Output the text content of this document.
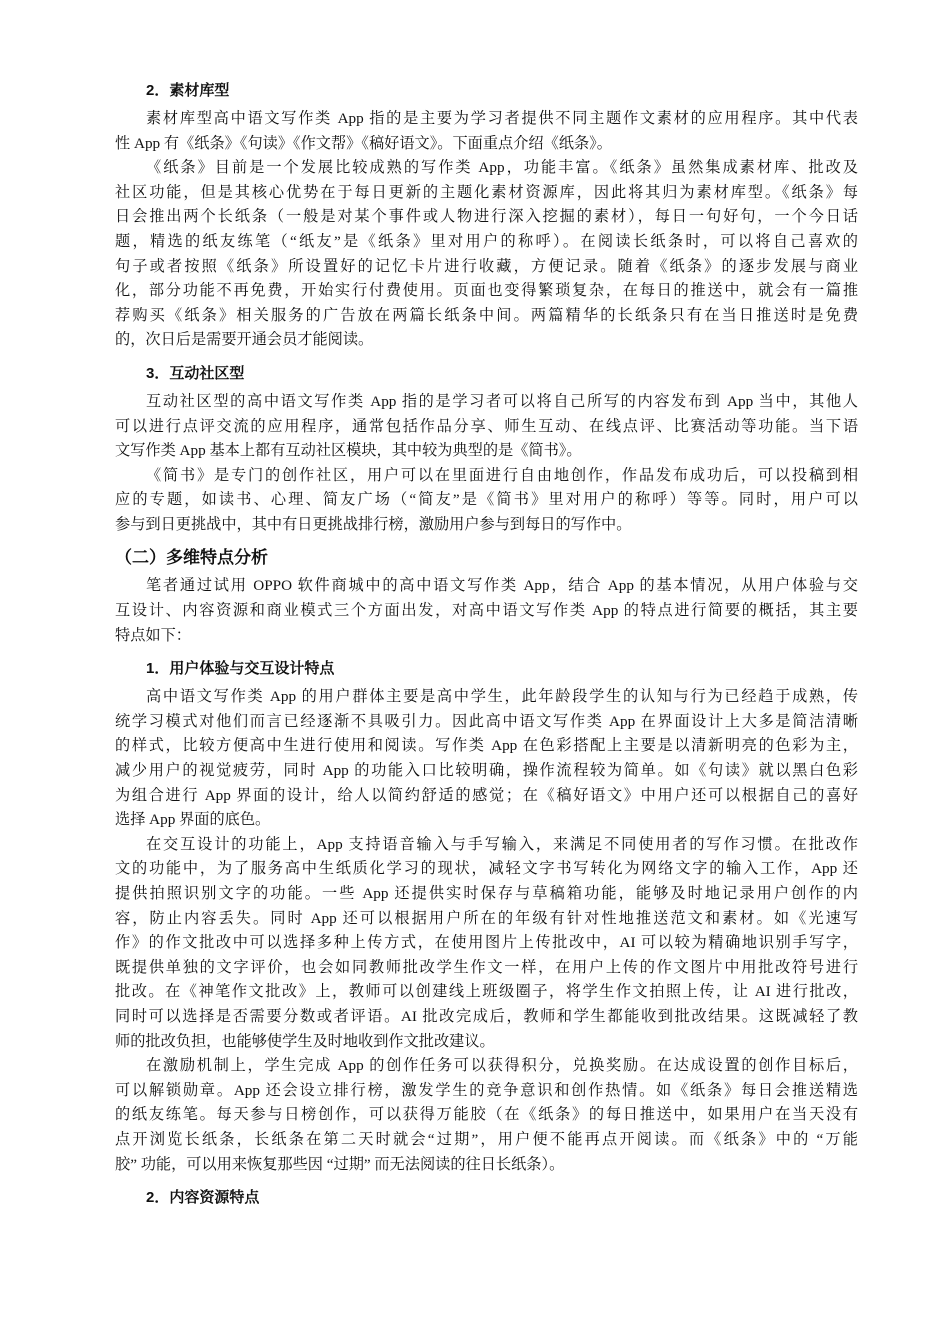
2．素材库型
素材库型高中语文写作类 App 指的是主要为学习者提供不同主题作文素材的应用程序。其中代表
性 App 有《纸条》《句读》《作文帮》《稿好语文》。下面重点介绍《纸条》。
《纸条》目前是一个发展比较成熟的写作类 App，功能丰富。《纸条》虽然集成素材库、批改及
社区功能，但是其核心优势在于每日更新的主题化素材资源库，因此将其归为素材库型。《纸条》每
日会推出两个长纸条（一般是对某个事件或人物进行深入挖掘的素材），每日一句好句，一个今日话
题，精选的纸友练笔（“纸友”是《纸条》里对用户的称呼）。在阅读长纸条时，可以将自己喜欢的
句子或者按照《纸条》所设置好的记忆卡片进行收藏，方便记录。随着《纸条》的逐步发展与商业
化，部分功能不再免费，开始实行付费使用。页面也变得繁琐复杂，在每日的推送中，就会有一篇推
荐购买《纸条》相关服务的广告放在两篇长纸条中间。两篇精华的长纸条只有在当日推送时是免费
的，次日后是需要开通会员才能阅读。
3．互动社区型
互动社区型的高中语文写作类 App 指的是学习者可以将自己所写的内容发布到 App 当中，其他人
可以进行点评交流的应用程序，通常包括作品分享、师生互动、在线点评、比赛活动等功能。当下语
文写作类 App 基本上都有互动社区模块，其中较为典型的是《简书》。
《简书》是专门的创作社区，用户可以在里面进行自由地创作，作品发布成功后，可以投稿到相
应的专题，如读书、心理、简友广场（“简友”是《简书》里对用户的称呼）等等。同时，用户可以
参与到日更挑战中，其中有日更挑战排行榜，激励用户参与到每日的写作中。
（二）多维特点分析
笔者通过试用 OPPO 软件商城中的高中语文写作类 App，结合 App 的基本情况，从用户体验与交
互设计、内容资源和商业模式三个方面出发，对高中语文写作类 App 的特点进行简要的概括，其主要
特点如下：
1．用户体验与交互设计特点
高中语文写作类 App 的用户群体主要是高中学生，此年龄段学生的认知与行为已经趋于成熟，传
统学习模式对他们而言已经逐渐不具吸引力。因此高中语文写作类 App 在界面设计上大多是简洁清晰
的样式，比较方便高中生进行使用和阅读。写作类 App 在色彩搭配上主要是以清新明亮的色彩为主，
减少用户的视觉疲劳，同时 App 的功能入口比较明确，操作流程较为简单。如《句读》就以黑白色彩
为组合进行 App 界面的设计，给人以简约舒适的感觉；在《稿好语文》中用户还可以根据自己的喜好
选择 App 界面的底色。
在交互设计的功能上，App 支持语音输入与手写输入，来满足不同使用者的写作习惯。在批改作
文的功能中，为了服务高中生纸质化学习的现状，减轻文字书写转化为网络文字的输入工作，App 还
提供拍照识别文字的功能。一些 App 还提供实时保存与草稿箱功能，能够及时地记录用户创作的内
容，防止内容丢失。同时 App 还可以根据用户所在的年级有针对性地推送范文和素材。如《光速写
作》的作文批改中可以选择多种上传方式，在使用图片上传批改中，AI 可以较为精确地识别手写字，
既提供单独的文字评价，也会如同教师批改学生作文一样，在用户上传的作文图片中用批改符号进行
批改。在《神笔作文批改》上，教师可以创建线上班级圈子，将学生作文拍照上传，让 AI 进行批改，
同时可以选择是否需要分数或者评语。AI 批改完成后，教师和学生都能收到批改结果。这既减轻了教
师的批改负担，也能够使学生及时地收到作文批改建议。
在激励机制上，学生完成 App 的创作任务可以获得积分，兑换奖励。在达成设置的创作目标后，
可以解锁勋章。App 还会设立排行榜，激发学生的竞争意识和创作热情。如《纸条》每日会推送精选
的纸友练笔。每天参与日榜创作，可以获得万能胶（在《纸条》的每日推送中，如果用户在当天没有
点开浏览长纸条，长纸条在第二天时就会“过期”，用户便不能再点开阅读。而《纸条》中的 “万能
胶” 功能，可以用来恢复那些因 “过期” 而无法阅读的往日长纸条）。
2．内容资源特点
